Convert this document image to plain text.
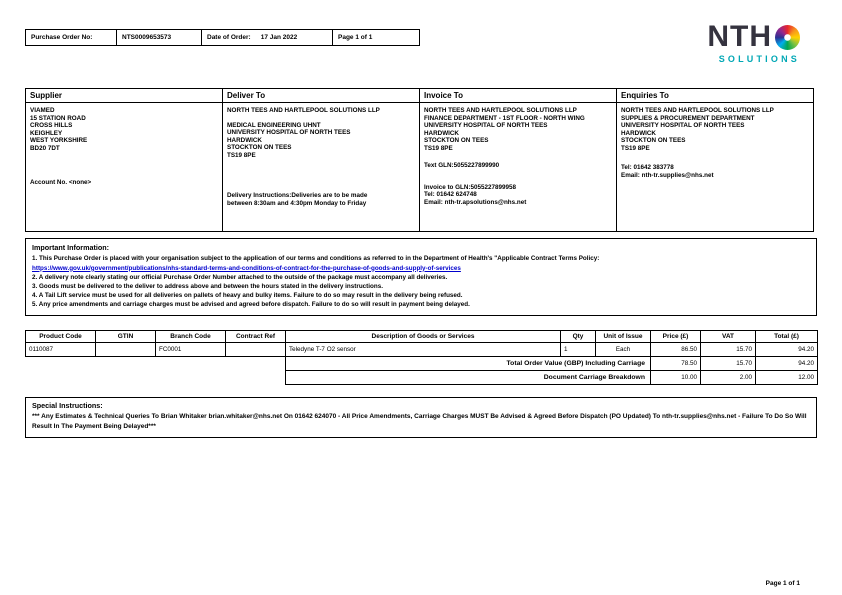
Purchase Order No:	NTS0009653573	Date of Order: 17 Jan 2022	Page 1 of 1	NTH
SOLUTIONS
Supplier
VIAMED
15 STATION ROAD
CROSS HILLS
KEIGHLEY
WEST YORKSHIRE
BD20 7DT
Account No. <none>
Deliver To
NORTH TEES AND HARTLEPOOL SOLUTIONS LLP
MEDICAL ENGINEERING UHNT
UNIVERSITY HOSPITAL OF NORTH TEES
HARDWICK
STOCKTON ON TEES
TS19 8PE
Delivery Instructions:Deliveries are to be made between 8:30am and 4:30pm Monday to Friday
Invoice To
NORTH TEES AND HARTLEPOOL SOLUTIONS LLP
FINANCE DEPARTMENT - 1ST FLOOR - NORTH WING
UNIVERSITY HOSPITAL OF NORTH TEES
HARDWICK
STOCKTON ON TEES
TS19 8PE
Text GLN:5055227899990
Invoice to GLN:5055227899958
Tel: 01642 624748
Email: nth-tr.apsolutions@nhs.net
Enquiries To
NORTH TEES AND HARTLEPOOL SOLUTIONS LLP
SUPPLIES & PROCUREMENT DEPARTMENT
UNIVERSITY HOSPITAL OF NORTH TEES
HARDWICK
STOCKTON ON TEES
TS19 8PE
Tel: 01642 383778
Email: nth-tr.supplies@nhs.net
Important Information:
1. This Purchase Order is placed with your organisation subject to the application of our terms and conditions as referred to in the Department of Health's "Applicable Contract Terms Policy:
https://www.gov.uk/government/publications/nhs-standard-terms-and-conditions-of-contract-for-the-purchase-of-goods-and-supply-of-services
2. A delivery note clearly stating our official Purchase Order Number attached to the outside of the package must accompany all deliveries.
3. Goods must be delivered to the deliver to address above and between the hours stated in the delivery instructions.
4. A Tail Lift service must be used for all deliveries on pallets of heavy and bulky items. Failure to do so may result in the delivery being refused.
5. Any price amendments and carriage charges must be advised and agreed before dispatch. Failure to do so will result in payment being delayed.
Product Code	GTIN	Branch Code	Contract Ref	Description of Goods or Services	Qty	Unit of Issue	Price (£)	VAT	Total (£)
0110087		FC0001		Teledyne T-7 O2 sensor	1	Each	86.50	15.70	94.20
				Total Order Value (GBP) Including Carriage			78.50	15.70	94.20
				Document Carriage Breakdown			10.00	2.00	12.00
Special Instructions:
*** Any Estimates & Technical Queries To Brian Whitaker brian.whitaker@nhs.net On 01642 624070 - All Price Amendments, Carriage Charges MUST Be Advised & Agreed Before Dispatch (PO Updated) To nth-tr.supplies@nhs.net - Failure To Do So Will Result In The Payment Being Delayed***
Page 1 of 1
